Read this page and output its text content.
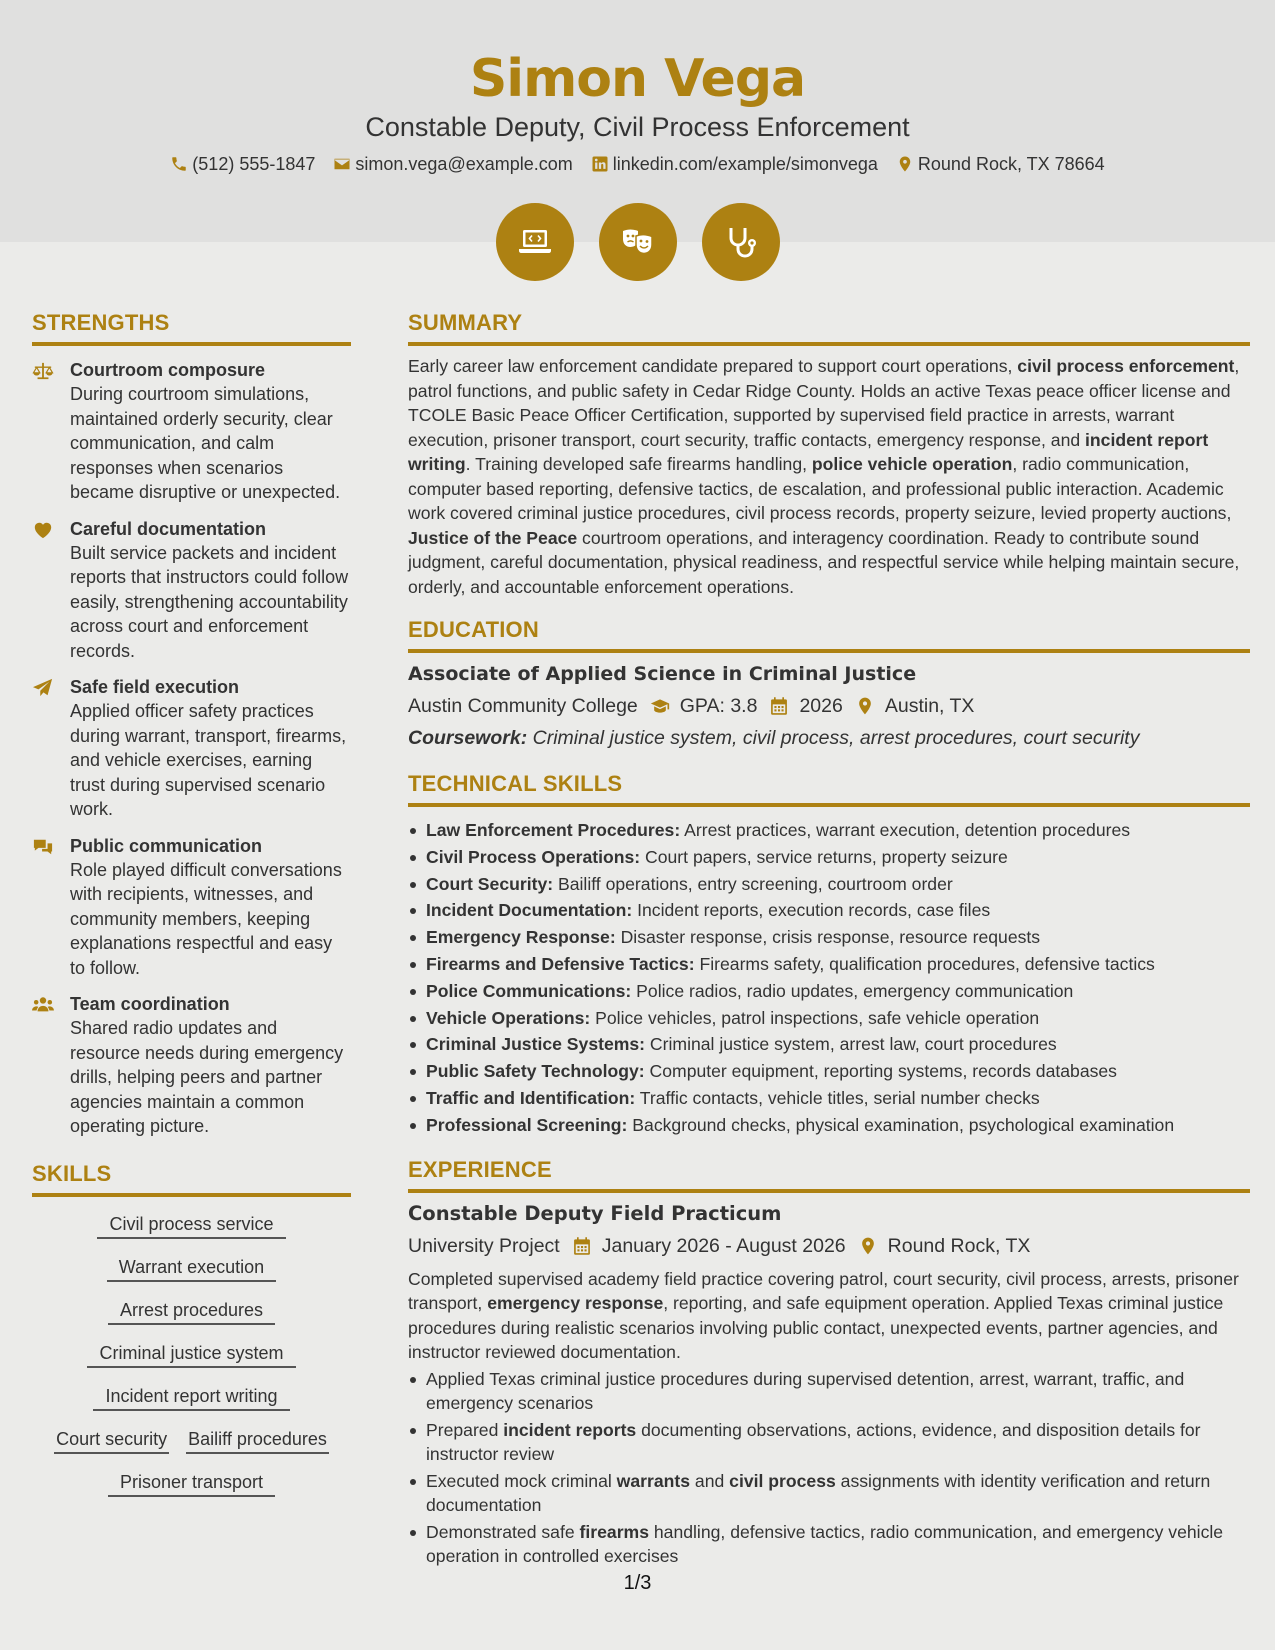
Simon Vega
Constable Deputy, Civil Process Enforcement
(512) 555-1847 simon.vega@example.com linkedin.com/example/simonvega Round Rock, TX 78664
STRENGTHS
Courtroom composure
During courtroom simulations, maintained orderly security, clear communication, and calm responses when scenarios became disruptive or unexpected.
Careful documentation
Built service packets and incident reports that instructors could follow easily, strengthening accountability across court and enforcement records.
Safe field execution
Applied officer safety practices during warrant, transport, firearms, and vehicle exercises, earning trust during supervised scenario work.
Public communication
Role played difficult conversations with recipients, witnesses, and community members, keeping explanations respectful and easy to follow.
Team coordination
Shared radio updates and resource needs during emergency drills, helping peers and partner agencies maintain a common operating picture.
SKILLS
Civil process service
Warrant execution
Arrest procedures
Criminal justice system
Incident report writing
Court security Bailiff procedures
Prisoner transport
SUMMARY
Early career law enforcement candidate prepared to support court operations, civil process enforcement, patrol functions, and public safety in Cedar Ridge County. Holds an active Texas peace officer license and TCOLE Basic Peace Officer Certification, supported by supervised field practice in arrests, warrant execution, prisoner transport, court security, traffic contacts, emergency response, and incident report writing. Training developed safe firearms handling, police vehicle operation, radio communication, computer based reporting, defensive tactics, de escalation, and professional public interaction. Academic work covered criminal justice procedures, civil process records, property seizure, levied property auctions, Justice of the Peace courtroom operations, and interagency coordination. Ready to contribute sound judgment, careful documentation, physical readiness, and respectful service while helping maintain secure, orderly, and accountable enforcement operations.
EDUCATION
Associate of Applied Science in Criminal Justice
Austin Community College GPA: 3.8 2026 Austin, TX
Coursework: Criminal justice system, civil process, arrest procedures, court security
TECHNICAL SKILLS
Law Enforcement Procedures: Arrest practices, warrant execution, detention procedures
Civil Process Operations: Court papers, service returns, property seizure
Court Security: Bailiff operations, entry screening, courtroom order
Incident Documentation: Incident reports, execution records, case files
Emergency Response: Disaster response, crisis response, resource requests
Firearms and Defensive Tactics: Firearms safety, qualification procedures, defensive tactics
Police Communications: Police radios, radio updates, emergency communication
Vehicle Operations: Police vehicles, patrol inspections, safe vehicle operation
Criminal Justice Systems: Criminal justice system, arrest law, court procedures
Public Safety Technology: Computer equipment, reporting systems, records databases
Traffic and Identification: Traffic contacts, vehicle titles, serial number checks
Professional Screening: Background checks, physical examination, psychological examination
EXPERIENCE
Constable Deputy Field Practicum
University Project January 2026 - August 2026 Round Rock, TX
Completed supervised academy field practice covering patrol, court security, civil process, arrests, prisoner transport, emergency response, reporting, and safe equipment operation. Applied Texas criminal justice procedures during realistic scenarios involving public contact, unexpected events, partner agencies, and instructor reviewed documentation.
Applied Texas criminal justice procedures during supervised detention, arrest, warrant, traffic, and emergency scenarios
Prepared incident reports documenting observations, actions, evidence, and disposition details for instructor review
Executed mock criminal warrants and civil process assignments with identity verification and return documentation
Demonstrated safe firearms handling, defensive tactics, radio communication, and emergency vehicle operation in controlled exercises
1/3
